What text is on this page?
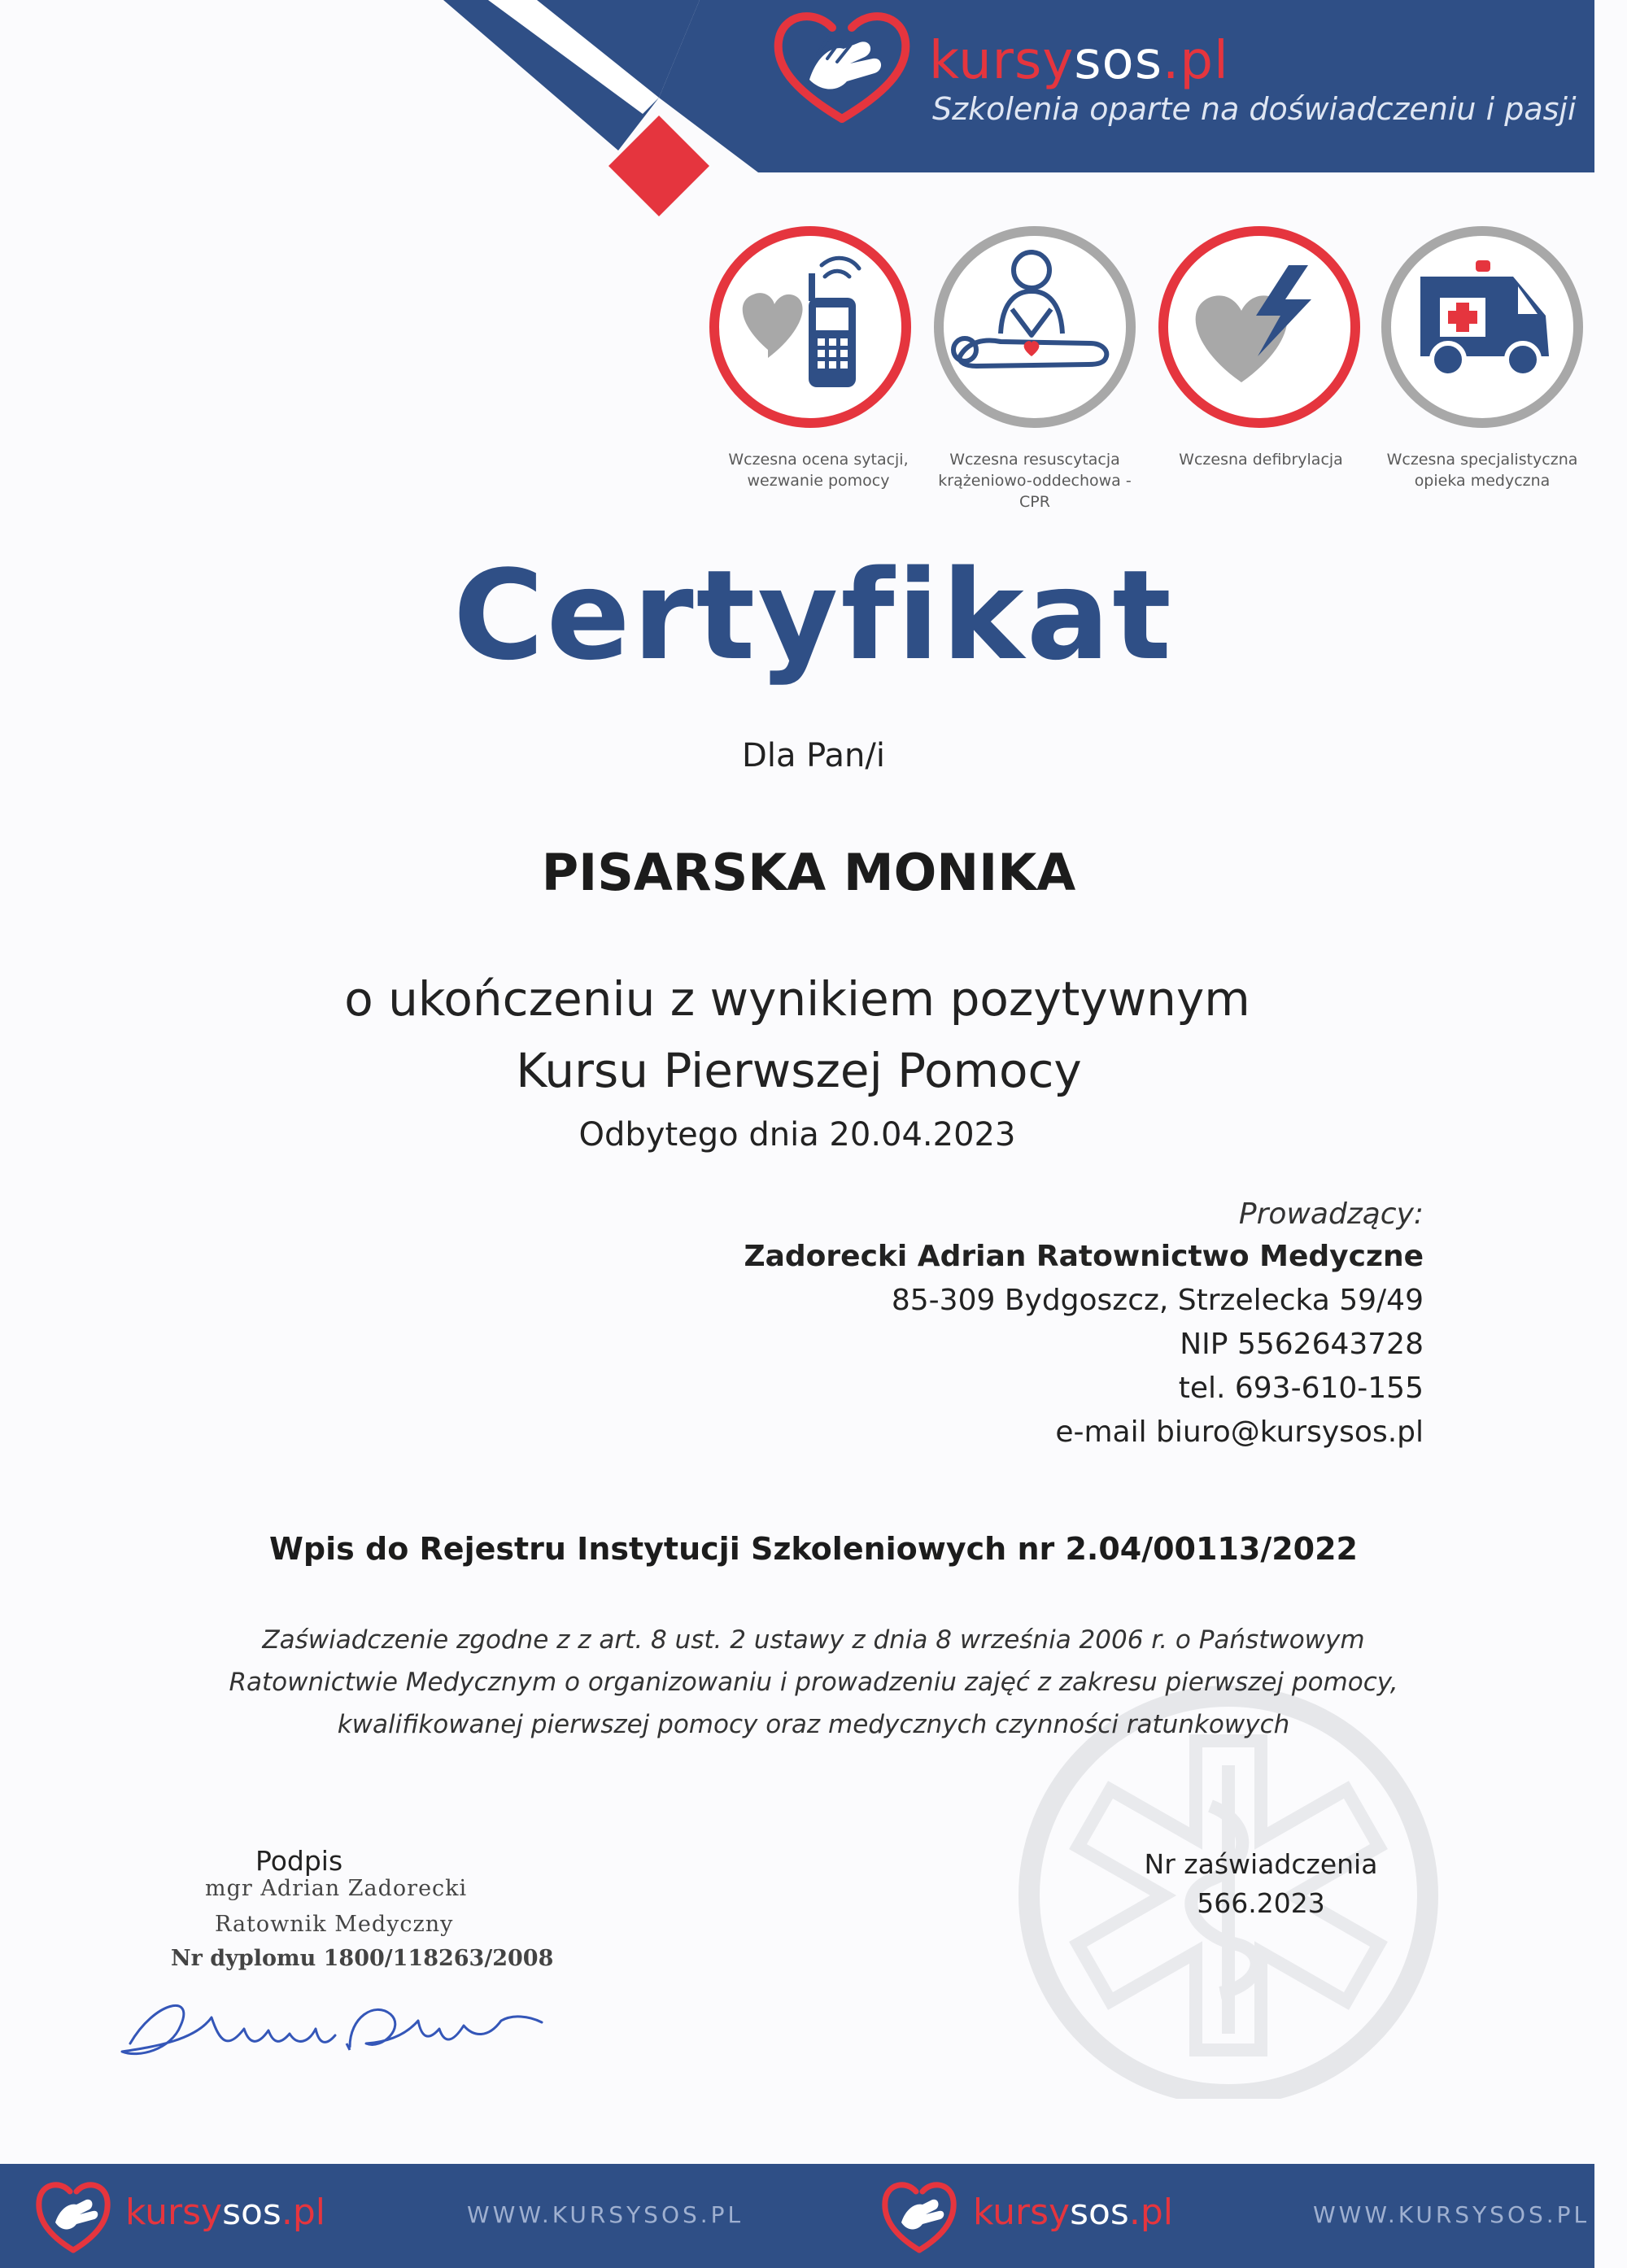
kursysos.pl
Szkolenia oparte na doświadczeniu i pasji
Wczesna ocena sytacji,
wezwanie pomocy
Wczesna resuscytacja
krążeniowo-oddechowa - CPR
Wczesna defibrylacja	Wczesna specjalistyczna
opieka medyczna
Certyfikat
Dla Pan/i
PISARSKA MONIKA
o ukończeniu z wynikiem pozytywnym
Kursu Pierwszej Pomocy
Odbytego dnia 20.04.2023
Prowadzący:
Zadorecki Adrian Ratownictwo Medyczne
85-309 Bydgoszcz, Strzelecka 59/49
NIP 5562643728
tel. 693-610-155
e-mail biuro@kursysos.pl
Wpis do Rejestru Instytucji Szkoleniowych nr 2.04/00113/2022
Zaświadczenie zgodne z z art. 8 ust. 2 ustawy z dnia 8 września 2006 r. o Państwowym Ratownictwie Medycznym o organizowaniu i prowadzeniu zajęć z zakresu pierwszej pomocy, kwalifikowanej pierwszej pomocy oraz medycznych czynności ratunkowych
Podpis
mgr Adrian Zadorecki
Ratownik Medyczny
Nr dyplomu 1800/118263/2008
Nr zaświadczenia
566.2023
kursysos.pl	WWW.KURSYSOS.PL	kursysos.pl	WWW.KURSYSOS.PL
